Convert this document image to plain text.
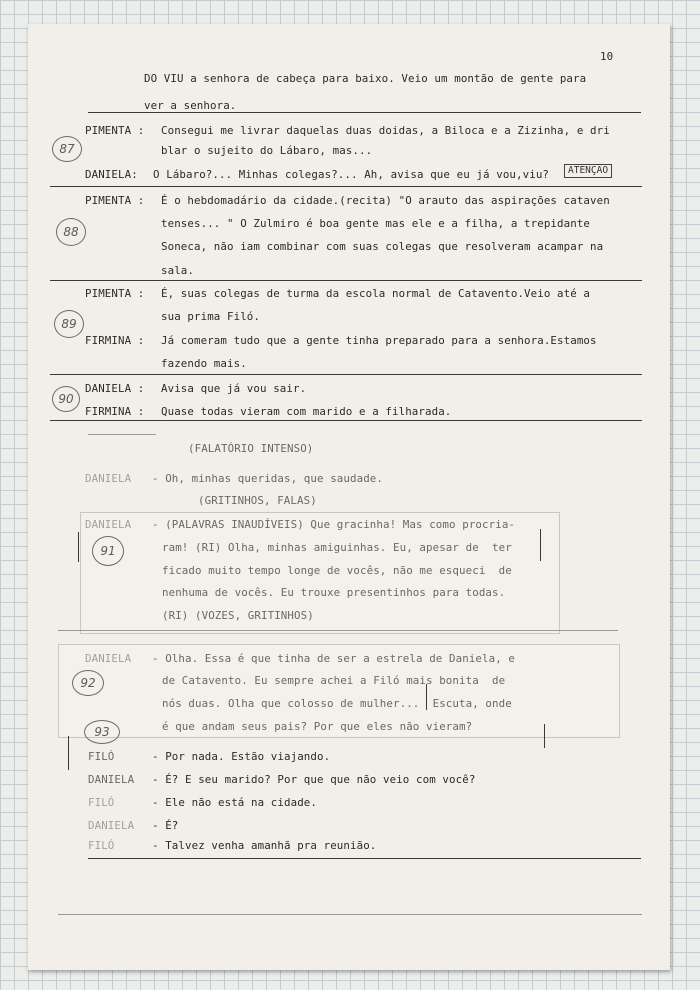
10
DO VIU a senhora de cabeça para baixo. Veio um montão de gente para
ver a senhora.
PIMENTA : Consegui me livrar daquelas duas doidas, a Biloca e a Zizinha, e dri
blar o sujeito do Lábaro, mas...
DANIELA: O Lábaro?... Minhas colegas?... Ah, avisa que eu já vou,viu?	ATENÇÃO
87
PIMENTA : É o hebdomadário da cidade.(recita) "O arauto das aspirações cataven
tenses... " O Zulmiro é boa gente mas ele e a filha, a trepidante
Soneca, não iam combinar com suas colegas que resolveram acampar na
sala.
88
PIMENTA : É, suas colegas de turma da escola normal de Catavento.Veio até a
sua prima Filó.
FIRMINA : Já comeram tudo que a gente tinha preparado para a senhora.Estamos
fazendo mais.
89
DANIELA : Avisa que já vou sair.
FIRMINA : Quase todas vieram com marido e a filharada.
90
(FALATÓRIO INTENSO)
DANIELA - Oh, minhas queridas, que saudade.
(GRITINHOS, FALAS)
DANIELA - (PALAVRAS INAUDÍVEIS) Que gracinha! Mas como procria-
ram! (RI) Olha, minhas amiguinhas. Eu, apesar de  ter
ficado muito tempo longe de vocês, não me esqueci  de
nenhuma de vocês. Eu trouxe presentinhos para todas.
(RI) (VOZES, GRITINHOS)
91
DANIELA - Olha. Essa é que tinha de ser a estrela de Daniela, e
de Catavento. Eu sempre achei a Filó mais bonita  de
nós duas. Olha que colosso de mulher...  Escuta, onde
é que andam seus pais? Por que eles não vieram?
92
93
FILÓ	- Por nada. Estão viajando.
DANIELA - É? E seu marido? Por que que não veio com você?
FILÓ	- Ele não está na cidade.
DANIELA - É?
FILÓ	- Talvez venha amanhã pra reunião.
